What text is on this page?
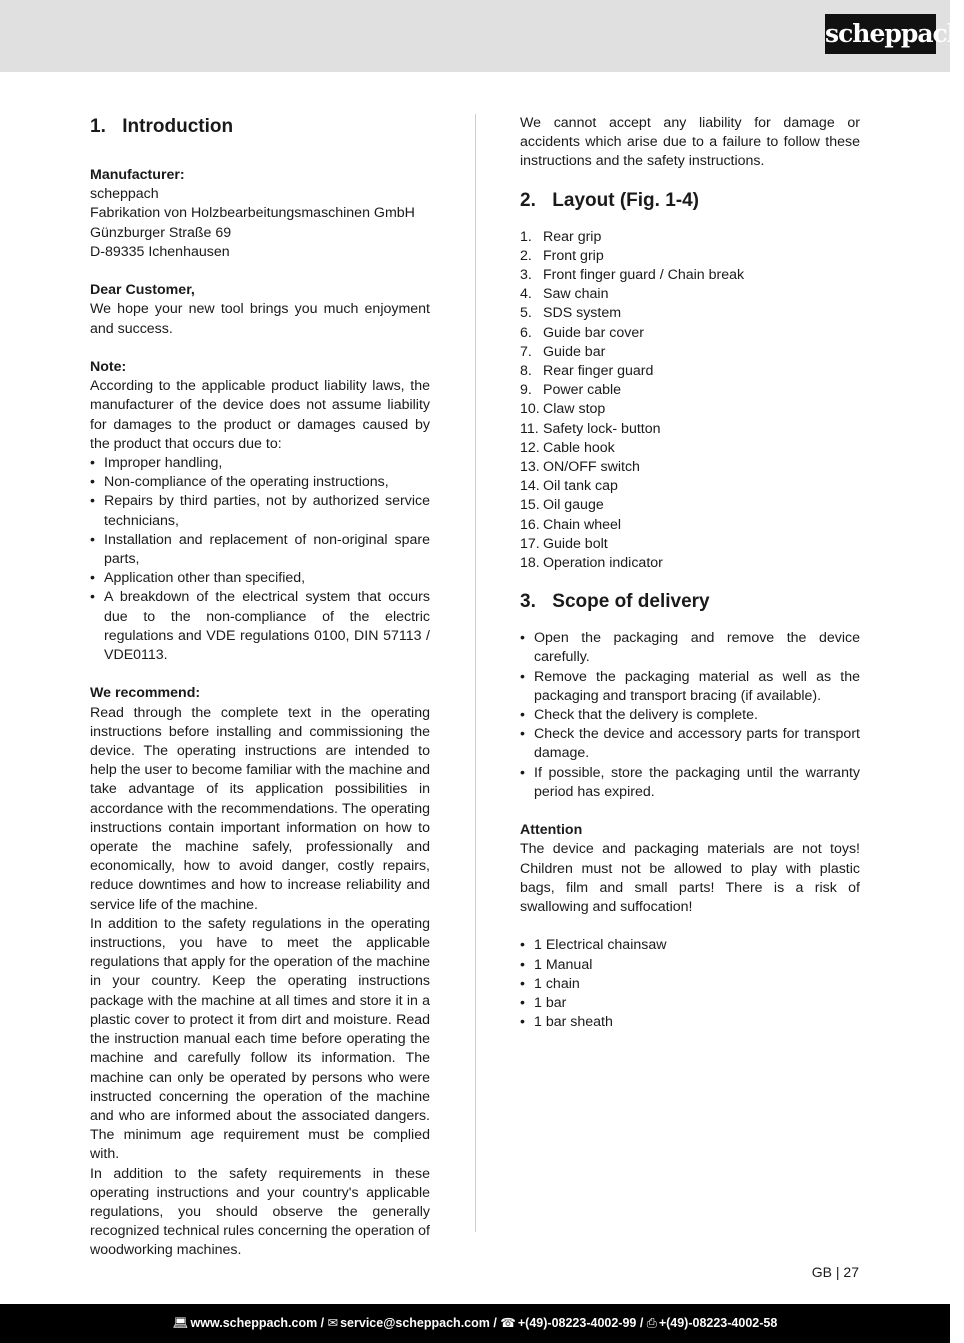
scheppach
1. Introduction

Manufacturer:

scheppach

Fabrikation von Holzbearbeitungsmaschinen GmbH

Günzburger Straße 69

D-89335 Ichenhausen

Dear Customer,

We hope your new tool brings you much enjoyment and success.

Note:

According to the applicable product liability laws, the manufacturer of the device does not assume liability for damages to the product or damages caused by the product that occurs due to:

• Improper handling,
• Non-compliance of the operating instructions,
• Repairs by third parties, not by authorized service technicians,
• Installation and replacement of non-original spare parts,
• Application other than specified,
• A breakdown of the electrical system that occurs due to the non-compliance of the electric regulations and VDE regulations 0100, DIN 57113 / VDE0113.

We recommend:

Read through the complete text in the operating instructions before installing and commissioning the device. The operating instructions are intended to help the user to become familiar with the machine and take advantage of its application possibilities in accordance with the recommendations. The operating instructions contain important information on how to operate the machine safely, professionally and economically, how to avoid danger, costly repairs, reduce downtimes and how to increase reliability and service life of the machine.

In addition to the safety regulations in the operating instructions, you have to meet the applicable regulations that apply for the operation of the machine in your country. Keep the operating instructions package with the machine at all times and store it in a plastic cover to protect it from dirt and moisture. Read the instruction manual each time before operating the machine and carefully follow its information. The machine can only be operated by persons who were instructed concerning the operation of the machine and who are informed about the associated dangers. The minimum age requirement must be complied with.

In addition to the safety requirements in these operating instructions and your country's applicable regulations, you should observe the generally recognized technical rules concerning the operation of woodworking machines.

We cannot accept any liability for damage or accidents which arise due to a failure to follow these instructions and the safety instructions.

2. Layout (Fig. 1-4)
1. Rear grip
2. Front grip
3. Front finger guard / Chain break
4. Saw chain
5. SDS system
6. Guide bar cover
7. Guide bar
8. Rear finger guard
9. Power cable
10. Claw stop
11. Safety lock- button
12. Cable hook
13. ON/OFF switch
14. Oil tank cap
15. Oil gauge
16. Chain wheel
17. Guide bolt
18. Operation indicator
3. Scope of delivery
• Open the packaging and remove the device carefully.
• Remove the packaging material as well as the packaging and transport bracing (if available).
• Check that the delivery is complete.
• Check the device and accessory parts for transport damage.
• If possible, store the packaging until the warranty period has expired.

Attention

The device and packaging materials are not toys! Children must not be allowed to play with plastic bags, film and small parts! There is a risk of swallowing and suffocation!

• 1 Electrical chainsaw
• 1 Manual
• 1 chain
• 1 bar
• 1 bar sheath
GB | 27
💻︎ www.scheppach.com / ✉︎ service@scheppach.com / ☎︎ +(49)-08223-4002-99 / ⎙ +(49)-08223-4002-58
